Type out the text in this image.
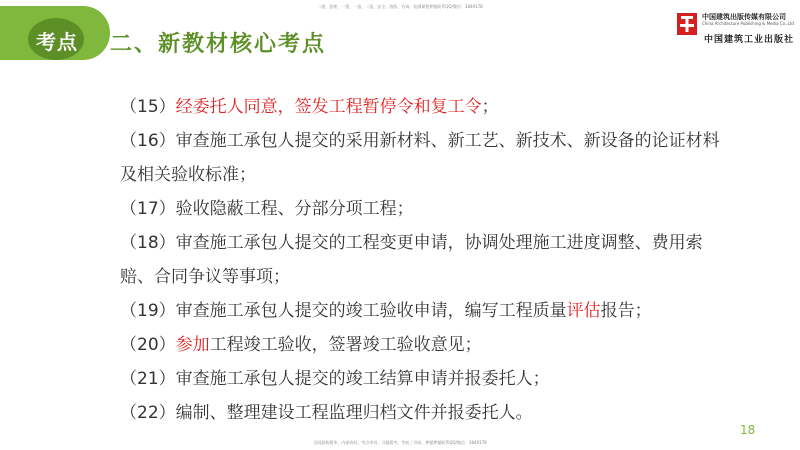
二建、监理、一建、一造、二造、安全、消防、咨询、检测课程押题联系QQ/微信：3849178
考点 二、新教材核心考点
中国建筑出版传媒有限公司
China Architecture Publishing & Media Co.,Ltd
中国建筑工业出版社

（15）经委托人同意，签发工程暂停令和复工令；

（16）审查施工承包人提交的采用新材料、新工艺、新技术、新设备的论证材料及相关验收标准；

（17）验收隐蔽工程、分部分项工程；

（18）审查施工承包人提交的工程变更申请，协调处理施工进度调整、费用索赔、合同争议等事项；

（19）审查施工承包人提交的竣工验收申请，编写工程质量评估报告；

（20）参加工程竣工验收，签署竣工验收意见；

（21）审查施工承包人提交的竣工结算申请并报委托人；

（22）编制、整理建设工程监理归档文件并报委托人。

18
全网最新精华、内部资料、考点串讲、习题精考、考前三页纸、押题押题联系QQ/微信：3849178
